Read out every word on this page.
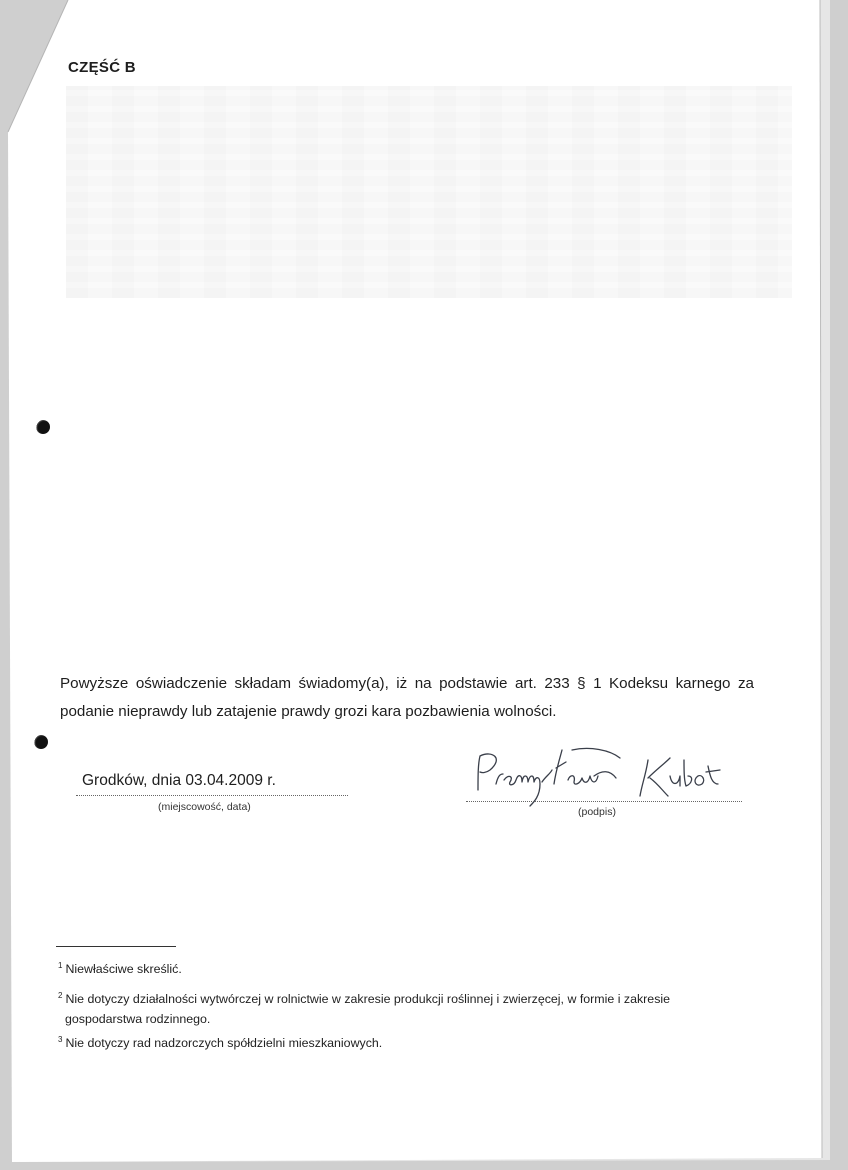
CZĘŚĆ B
Powyższe oświadczenie składam świadomy(a), iż na podstawie art. 233 § 1 Kodeksu karnego za podanie nieprawdy lub zatajenie prawdy grozi kara pozbawienia wolności.
Grodków, dnia 03.04.2009 r.
(miejscowość, data)	(podpis)
$^1$ Niewłaściwe skreślić.
$^2$ Nie dotyczy działalności wytwórczej w rolnictwie w zakresie produkcji roślinnej i zwierzęcej, w formie i zakresie
gospodarstwa rodzinnego.
$^3$ Nie dotyczy rad nadzorczych spółdzielni mieszkaniowych.
